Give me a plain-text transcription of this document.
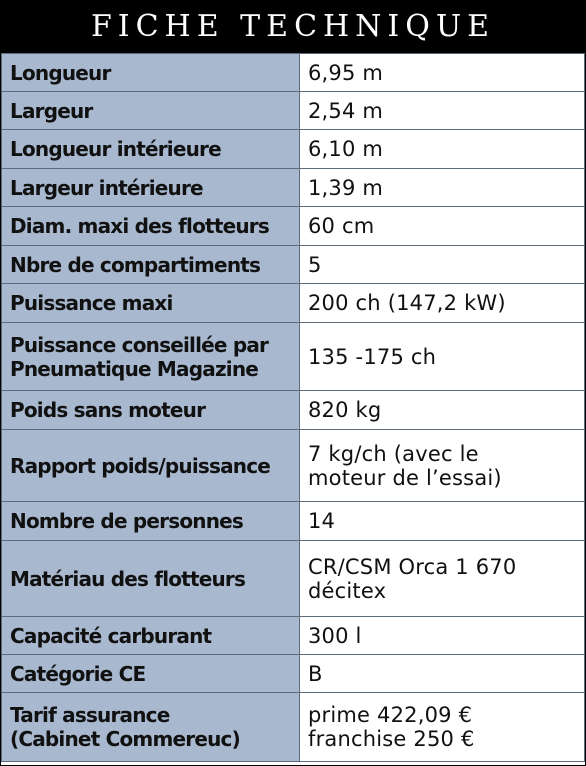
FICHE TECHNIQUE
Longueur	6,95 m
Largeur	2,54 m
Longueur intérieure	6,10 m
Largeur intérieure	1,39 m
Diam. maxi des flotteurs	60 cm
Nbre de compartiments	5
Puissance maxi	200 ch (147,2 kW)
Puissance conseillée par
Pneumatique Magazine	135 -175 ch
Poids sans moteur	820 kg
Rapport poids/puissance	7 kg/ch (avec le
moteur de l’essai)
Nombre de personnes	14
Matériau des flotteurs	CR/CSM Orca 1 670
décitex
Capacité carburant	300 l
Catégorie CE	B
Tarif assurance
(Cabinet Commereuc)	prime 422,09 €
franchise 250 €
